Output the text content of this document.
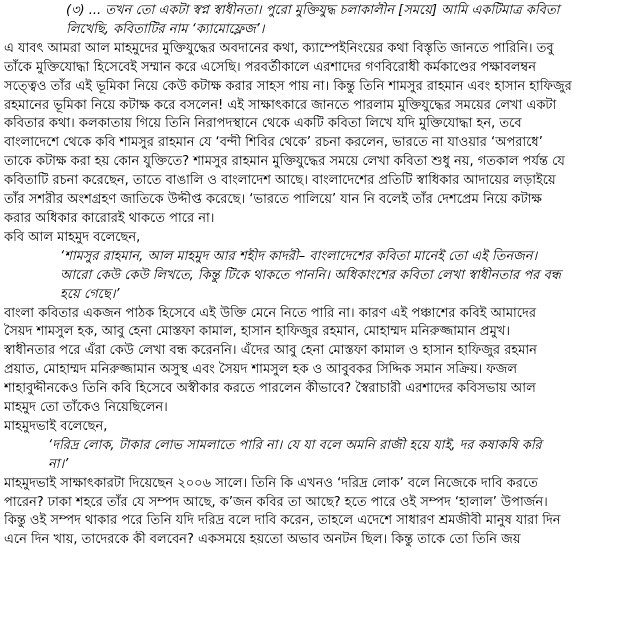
(৩) ... তখন তো একটা স্বপ্ন স্বাধীনতা। পুরো মুক্তিযুদ্ধ চলাকালীন [সময়ে] আমি একটিমাত্র কবিতা
লিখেছি, কবিতাটির নাম ‘ক্যামোফ্লেজ’।
এ যাবৎ আমরা আল মাহমুদের মুক্তিযুদ্ধের অবদানের কথা, ক্যাম্পেইনিংয়ের কথা বিস্তৃতি জানতে পারিনি। তবু
তাঁকে মুক্তিযোদ্ধা হিসেবেই সম্মান করে এসেছি। পরবর্তীকালে এরশাদের গণবিরোধী কর্মকাণ্ডের পক্ষাবলম্বন
সত্ত্বেও তাঁর এই ভূমিকা নিয়ে কেউ কটাক্ষ করার সাহস পায় না। কিন্তু তিনি শামসুর রাহমান এবং হাসান হাফিজুর
রহমানের ভূমিকা নিয়ে কটাক্ষ করে বসলেন! এই সাক্ষাৎকারে জানতে পারলাম মুক্তিযুদ্ধের সময়ের লেখা একটা
কবিতার কথা। কলকাতায় গিয়ে তিনি নিরাপদস্থানে থেকে একটি কবিতা লিখে যদি মুক্তিযোদ্ধা হন, তবে
বাংলাদেশে থেকে কবি শামসুর রাহমান যে ‘বন্দী শিবির থেকে’ রচনা করলেন, ভারতে না যাওয়ার ‘অপরাধে’
তাকে কটাক্ষ করা হয় কোন যুক্তিতে? শামসুর রাহমান মুক্তিযুদ্ধের সময়ে লেখা কবিতা শুধু নয়, গতকাল পর্যন্ত যে
কবিতাটি রচনা করেছেন, তাতে বাঙালি ও বাংলাদেশ আছে। বাংলাদেশের প্রতিটি স্বাধিকার আদায়ের লড়াইয়ে
তাঁর সশরীর অংশগ্রহণ জাতিকে উদ্দীপ্ত করেছে। ‘ভারতে পালিয়ে’ যান নি বলেই তাঁর দেশপ্রেম নিয়ে কটাক্ষ
করার অধিকার কারোরই থাকতে পারে না।
কবি আল মাহমুদ বলেছেন,
‘শামসুর রাহমান, আল মাহমুদ আর শহীদ কাদরী– বাংলাদেশের কবিতা মানেই তো এই তিনজন।
আরো কেউ কেউ লিখতে, কিন্তু টিকে থাকতে পাননি। অধিকাংশের কবিতা লেখা স্বাধীনতার পর বন্ধ
হয়ে গেছে।’
বাংলা কবিতার একজন পাঠক হিসেবে এই উক্তি মেনে নিতে পারি না। কারণ এই পঞ্চাশের কবিই আমাদের
সৈয়দ শামসুল হক, আবু হেনা মোস্তফা কামাল, হাসান হাফিজুর রহমান, মোহাম্মদ মনিরুজ্জামান প্রমুখ।
স্বাধীনতার পরে এঁরা কেউ লেখা বন্ধ করেননি। এঁদের আবু হেনা মোস্তফা কামাল ও হাসান হাফিজুর রহমান
প্রয়াত, মোহাম্মদ মনিরুজ্জামান অসুস্থ এবং সৈয়দ শামসুল হক ও আবুবকর সিদ্দিক সমান সক্রিয়। ফজল
শাহাবুদ্দীনকেও তিনি কবি হিসেবে অস্বীকার করতে পারলেন কীভাবে? স্বৈরাচারী এরশাদের কবিসভায় আল
মাহমুদ তো তাঁকেও নিয়েছিলেন।
মাহমুদভাই বলেছেন,
‘দরিদ্র লোক, টাকার লোভ সামলাতে পারি না। যে যা বলে অমনি রাজী হয়ে যাই, দর কষাকষি করি
না।’
মাহমুদভাই সাক্ষাৎকারটা দিয়েছেন ২০০৬ সালে। তিনি কি এখনও ‘দরিদ্র লোক’ বলে নিজেকে দাবি করতে
পারেন? ঢাকা শহরে তাঁর যে সম্পদ আছে, ক’জন কবির তা আছে? হতে পারে ওই সম্পদ ‘হালাল’ উপার্জন।
কিন্তু ওই সম্পদ থাকার পরে তিনি যদি দরিদ্র বলে দাবি করেন, তাহলে এদেশে সাধারণ শ্রমজীবী মানুষ যারা দিন
এনে দিন খায়, তাদেরকে কী বলবেন? একসময়ে হয়তো অভাব অনটন ছিল। কিন্তু তাকে তো তিনি জয়
